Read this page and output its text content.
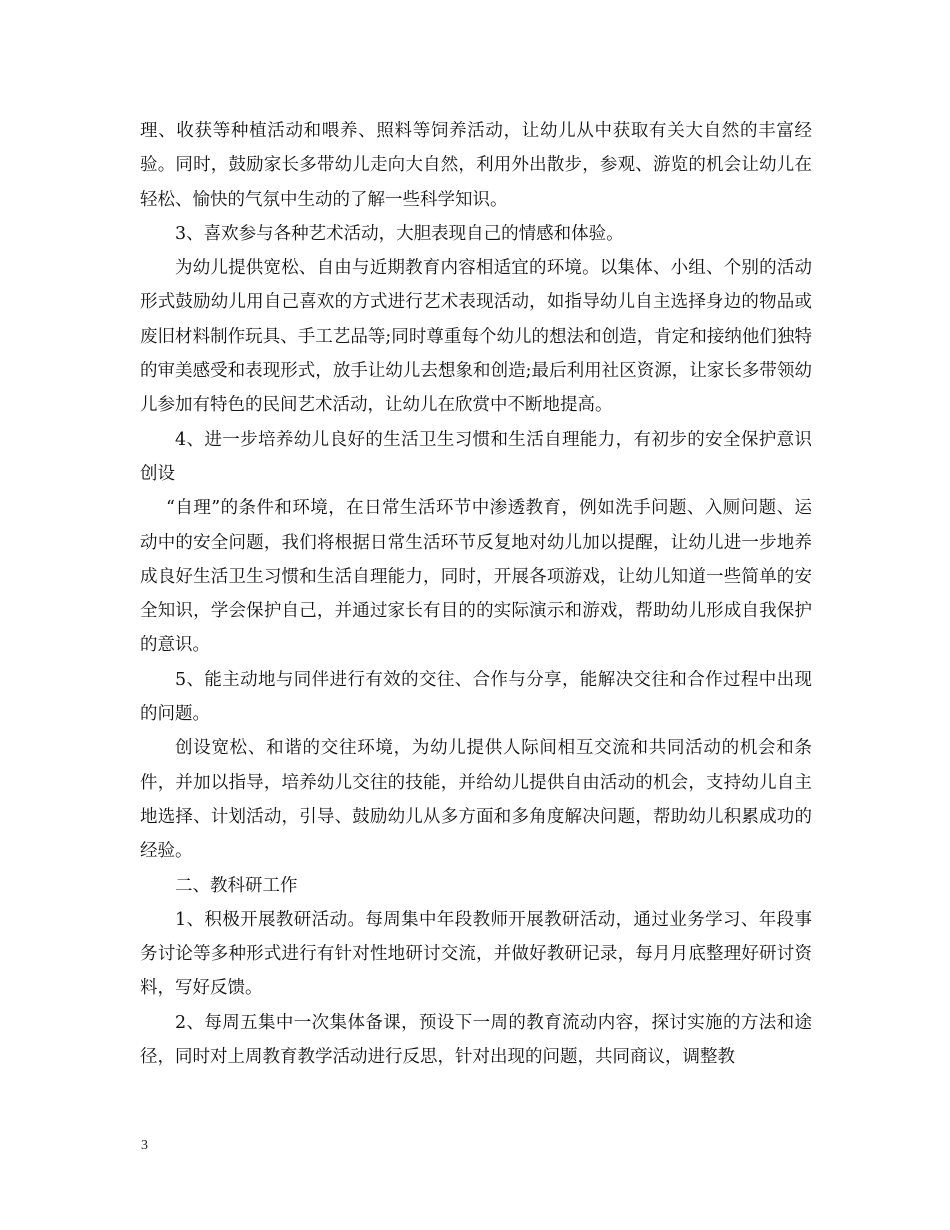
理、收获等种植活动和喂养、照料等饲养活动，让幼儿从中获取有关大自然的丰富经验。同时，鼓励家长多带幼儿走向大自然，利用外出散步，参观、游览的机会让幼儿在轻松、愉快的气氛中生动的了解一些科学知识。

3、喜欢参与各种艺术活动，大胆表现自己的情感和体验。

为幼儿提供宽松、自由与近期教育内容相适宜的环境。以集体、小组、个别的活动形式鼓励幼儿用自己喜欢的方式进行艺术表现活动，如指导幼儿自主选择身边的物品或废旧材料制作玩具、手工艺品等;同时尊重每个幼儿的想法和创造，肯定和接纳他们独特的审美感受和表现形式，放手让幼儿去想象和创造;最后利用社区资源，让家长多带领幼儿参加有特色的民间艺术活动，让幼儿在欣赏中不断地提高。

4、进一步培养幼儿良好的生活卫生习惯和生活自理能力，有初步的安全保护意识创设

“自理”的条件和环境，在日常生活环节中渗透教育，例如洗手问题、入厕问题、运动中的安全问题，我们将根据日常生活环节反复地对幼儿加以提醒，让幼儿进一步地养成良好生活卫生习惯和生活自理能力，同时，开展各项游戏，让幼儿知道一些简单的安全知识，学会保护自己，并通过家长有目的的实际演示和游戏，帮助幼儿形成自我保护的意识。

5、能主动地与同伴进行有效的交往、合作与分享，能解决交往和合作过程中出现的问题。

创设宽松、和谐的交往环境，为幼儿提供人际间相互交流和共同活动的机会和条件，并加以指导，培养幼儿交往的技能，并给幼儿提供自由活动的机会，支持幼儿自主地选择、计划活动，引导、鼓励幼儿从多方面和多角度解决问题，帮助幼儿积累成功的经验。

二、教科研工作

1、积极开展教研活动。每周集中年段教师开展教研活动，通过业务学习、年段事务讨论等多种形式进行有针对性地研讨交流，并做好教研记录，每月月底整理好研讨资料，写好反馈。

2、每周五集中一次集体备课，预设下一周的教育流动内容，探讨实施的方法和途径，同时对上周教育教学活动进行反思，针对出现的问题，共同商议，调整教

3
